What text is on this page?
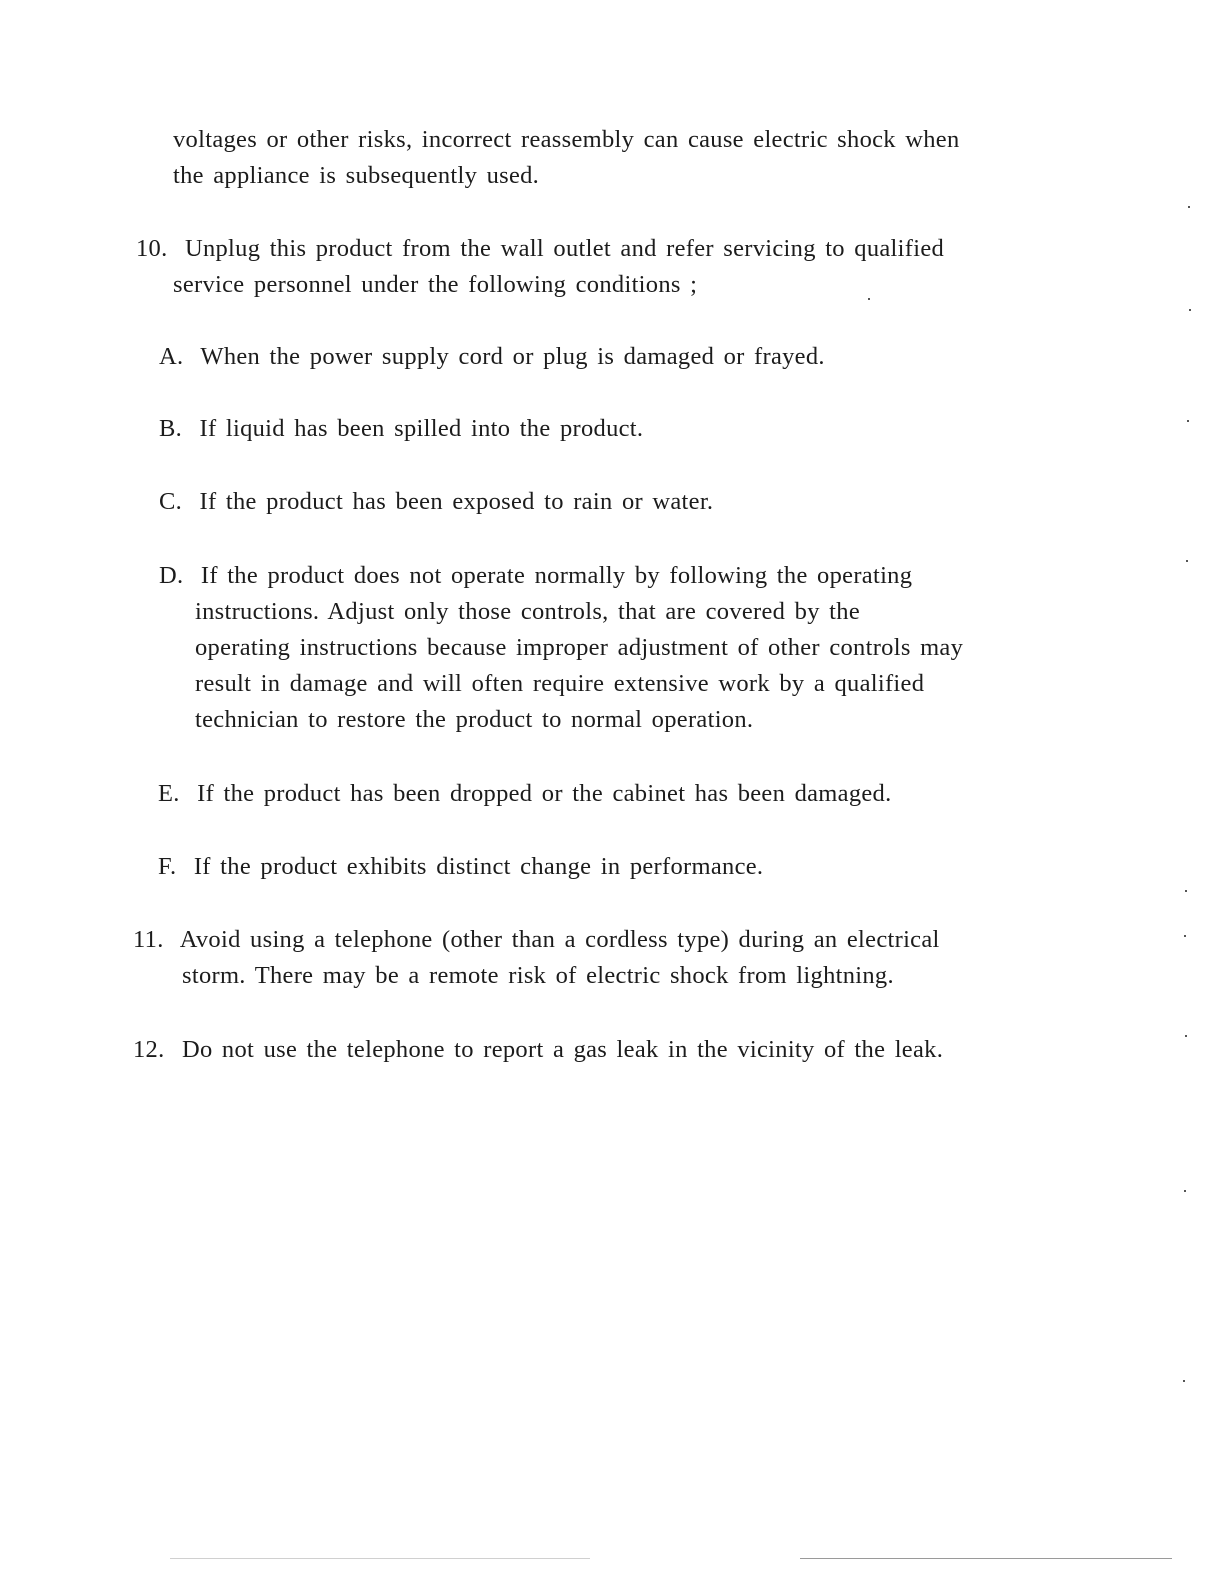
voltages or other risks, incorrect reassembly can cause electric shock when
the appliance is subsequently used.
10. Unplug this product from the wall outlet and refer servicing to qualified
service personnel under the following conditions ;
A. When the power supply cord or plug is damaged or frayed.
B. If liquid has been spilled into the product.
C. If the product has been exposed to rain or water.
D. If the product does not operate normally by following the operating
instructions. Adjust only those controls, that are covered by the
operating instructions because improper adjustment of other controls may
result in damage and will often require extensive work by a qualified
technician to restore the product to normal operation.
E. If the product has been dropped or the cabinet has been damaged.
F. If the product exhibits distinct change in performance.
11. Avoid using a telephone (other than a cordless type) during an electrical
storm. There may be a remote risk of electric shock from lightning.
12. Do not use the telephone to report a gas leak in the vicinity of the leak.
